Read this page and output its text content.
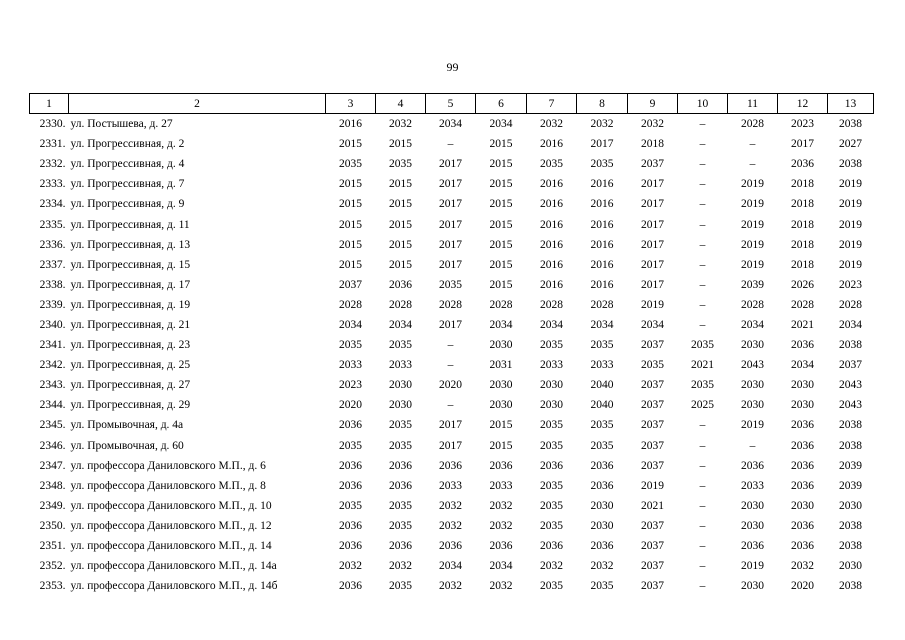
99
1	2	3	4	5	6	7	8	9	10	11	12	13
2330.	ул. Постышева, д. 27	2016	2032	2034	2034	2032	2032	2032	–	2028	2023	2038
2331.	ул. Прогрессивная, д. 2	2015	2015	–	2015	2016	2017	2018	–	–	2017	2027
2332.	ул. Прогрессивная, д. 4	2035	2035	2017	2015	2035	2035	2037	–	–	2036	2038
2333.	ул. Прогрессивная, д. 7	2015	2015	2017	2015	2016	2016	2017	–	2019	2018	2019
2334.	ул. Прогрессивная, д. 9	2015	2015	2017	2015	2016	2016	2017	–	2019	2018	2019
2335.	ул. Прогрессивная, д. 11	2015	2015	2017	2015	2016	2016	2017	–	2019	2018	2019
2336.	ул. Прогрессивная, д. 13	2015	2015	2017	2015	2016	2016	2017	–	2019	2018	2019
2337.	ул. Прогрессивная, д. 15	2015	2015	2017	2015	2016	2016	2017	–	2019	2018	2019
2338.	ул. Прогрессивная, д. 17	2037	2036	2035	2015	2016	2016	2017	–	2039	2026	2023
2339.	ул. Прогрессивная, д. 19	2028	2028	2028	2028	2028	2028	2019	–	2028	2028	2028
2340.	ул. Прогрессивная, д. 21	2034	2034	2017	2034	2034	2034	2034	–	2034	2021	2034
2341.	ул. Прогрессивная, д. 23	2035	2035	–	2030	2035	2035	2037	2035	2030	2036	2038
2342.	ул. Прогрессивная, д. 25	2033	2033	–	2031	2033	2033	2035	2021	2043	2034	2037
2343.	ул. Прогрессивная, д. 27	2023	2030	2020	2030	2030	2040	2037	2035	2030	2030	2043
2344.	ул. Прогрессивная, д. 29	2020	2030	–	2030	2030	2040	2037	2025	2030	2030	2043
2345.	ул. Промывочная, д. 4а	2036	2035	2017	2015	2035	2035	2037	–	2019	2036	2038
2346.	ул. Промывочная, д. 60	2035	2035	2017	2015	2035	2035	2037	–	–	2036	2038
2347.	ул. профессора Даниловского М.П., д. 6	2036	2036	2036	2036	2036	2036	2037	–	2036	2036	2039
2348.	ул. профессора Даниловского М.П., д. 8	2036	2036	2033	2033	2035	2036	2019	–	2033	2036	2039
2349.	ул. профессора Даниловского М.П., д. 10	2035	2035	2032	2032	2035	2030	2021	–	2030	2030	2030
2350.	ул. профессора Даниловского М.П., д. 12	2036	2035	2032	2032	2035	2030	2037	–	2030	2036	2038
2351.	ул. профессора Даниловского М.П., д. 14	2036	2036	2036	2036	2036	2036	2037	–	2036	2036	2038
2352.	ул. профессора Даниловского М.П., д. 14а	2032	2032	2034	2034	2032	2032	2037	–	2019	2032	2030
2353.	ул. профессора Даниловского М.П., д. 14б	2036	2035	2032	2032	2035	2035	2037	–	2030	2020	2038
